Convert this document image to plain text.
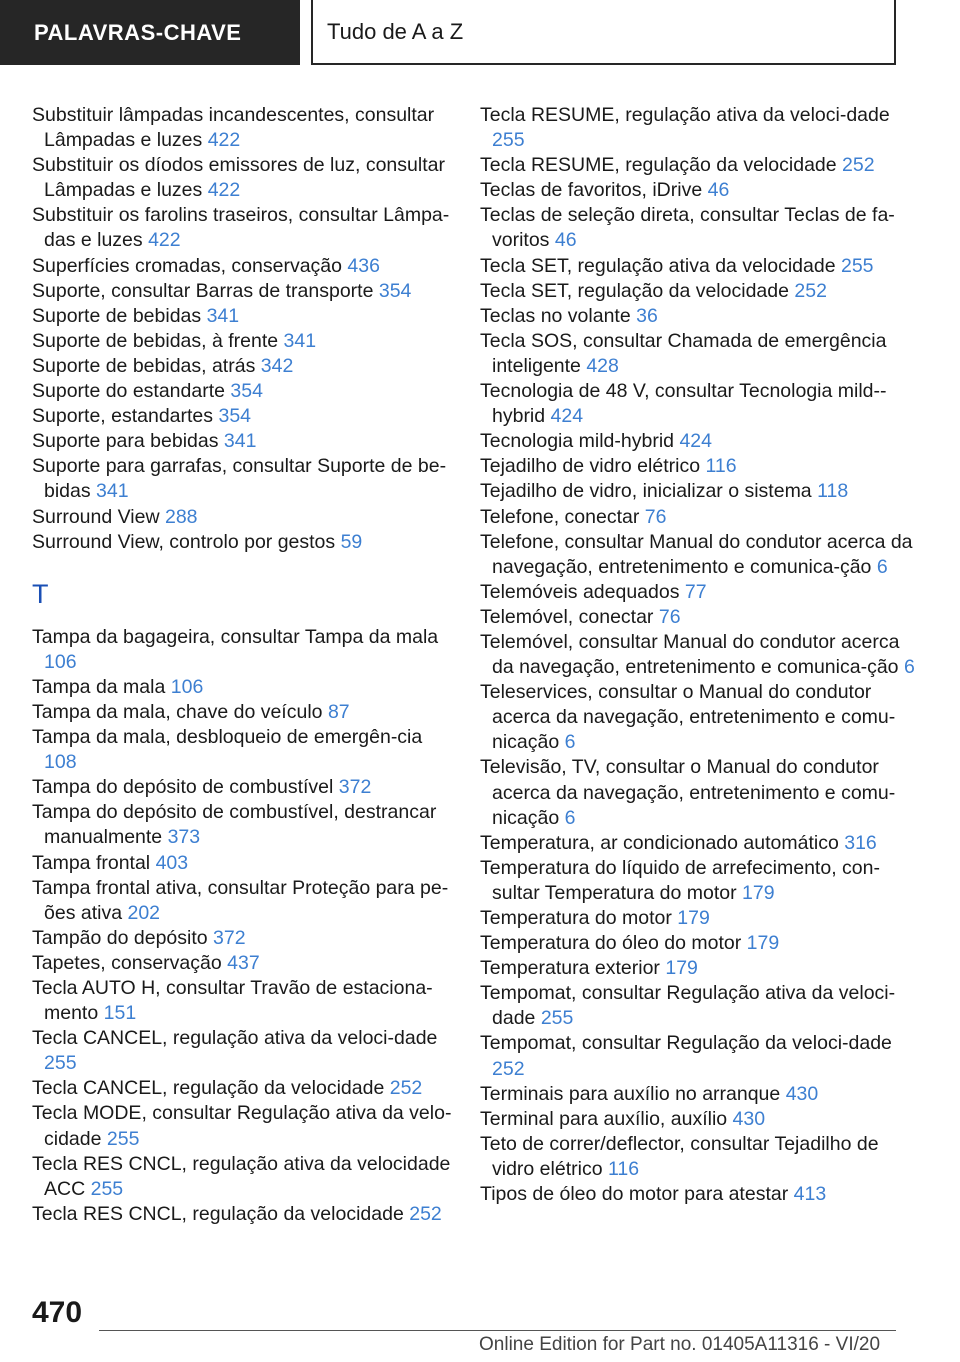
PALAVRAS-CHAVE	Tudo de A a Z

Substituir lâmpadas incandescentes, consultar Lâmpadas e luzes 422

Substituir os díodos emissores de luz, consultar Lâmpadas e luzes 422

Substituir os farolins traseiros, consultar Lâmpa-das e luzes 422

Superfícies cromadas, conservação 436

Suporte, consultar Barras de transporte 354

Suporte de bebidas 341

Suporte de bebidas, à frente 341

Suporte de bebidas, atrás 342

Suporte do estandarte 354

Suporte, estandartes 354

Suporte para bebidas 341

Suporte para garrafas, consultar Suporte de be-bidas 341

Surround View 288

Surround View, controlo por gestos 59

T

Tampa da bagageira, consultar Tampa da mala 106

Tampa da mala 106

Tampa da mala, chave do veículo 87

Tampa da mala, desbloqueio de emergên-cia 108

Tampa do depósito de combustível 372

Tampa do depósito de combustível, destrancar manualmente 373

Tampa frontal 403

Tampa frontal ativa, consultar Proteção para pe-ões ativa 202

Tampão do depósito 372

Tapetes, conservação 437

Tecla AUTO H, consultar Travão de estaciona-mento 151

Tecla CANCEL, regulação ativa da veloci-dade 255

Tecla CANCEL, regulação da velocidade 252

Tecla MODE, consultar Regulação ativa da velo-cidade 255

Tecla RES CNCL, regulação ativa da velocidade ACC 255

Tecla RES CNCL, regulação da velocidade 252

Tecla RESUME, regulação ativa da veloci-dade 255

Tecla RESUME, regulação da velocidade 252

Teclas de favoritos, iDrive 46

Teclas de seleção direta, consultar Teclas de fa-voritos 46

Tecla SET, regulação ativa da velocidade 255

Tecla SET, regulação da velocidade 252

Teclas no volante 36

Tecla SOS, consultar Chamada de emergência inteligente 428

Tecnologia de 48 V, consultar Tecnologia mild--hybrid 424

Tecnologia mild-hybrid 424

Tejadilho de vidro elétrico 116

Tejadilho de vidro, inicializar o sistema 118

Telefone, conectar 76

Telefone, consultar Manual do condutor acerca da navegação, entretenimento e comunica-ção 6

Telemóveis adequados 77

Telemóvel, conectar 76

Telemóvel, consultar Manual do condutor acerca da navegação, entretenimento e comunica-ção 6

Teleservices, consultar o Manual do condutor acerca da navegação, entretenimento e comu-nicação 6

Televisão, TV, consultar o Manual do condutor acerca da navegação, entretenimento e comu-nicação 6

Temperatura, ar condicionado automático 316

Temperatura do líquido de arrefecimento, con-sultar Temperatura do motor 179

Temperatura do motor 179

Temperatura do óleo do motor 179

Temperatura exterior 179

Tempomat, consultar Regulação ativa da veloci-dade 255

Tempomat, consultar Regulação da veloci-dade 252

Terminais para auxílio no arranque 430

Terminal para auxílio, auxílio 430

Teto de correr/deflector, consultar Tejadilho de vidro elétrico 116

Tipos de óleo do motor para atestar 413

470
Online Edition for Part no. 01405A11316 - VI/20
